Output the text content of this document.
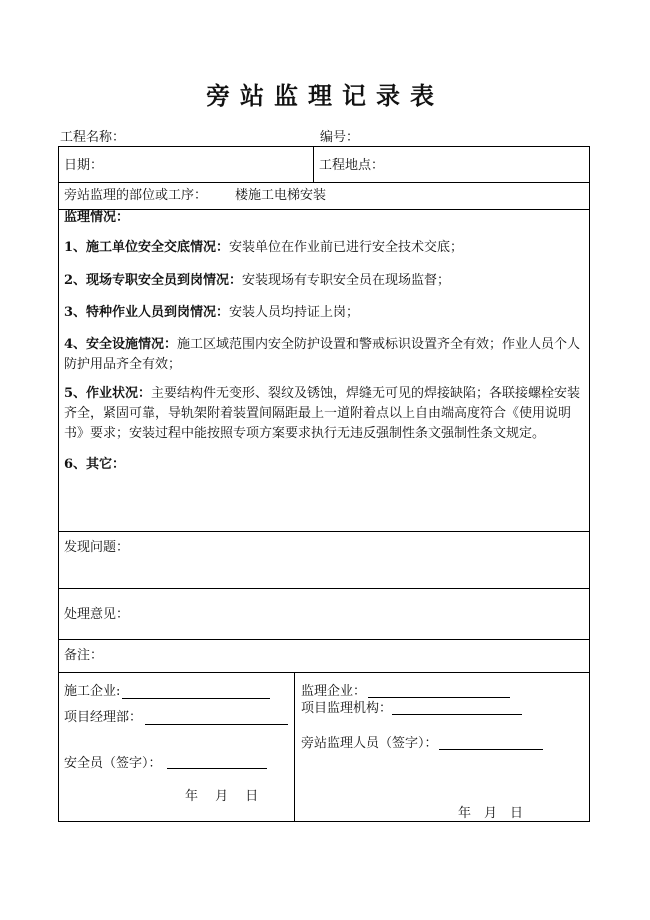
旁站监理记录表
工程名称：	编号：
日期：	工程地点：
旁站监理的部位或工序： 楼施工电梯安装
监理情况：
1、施工单位安全交底情况：安装单位在作业前已进行安全技术交底；
2、现场专职安全员到岗情况：安装现场有专职安全员在现场监督；
3、特种作业人员到岗情况：安装人员均持证上岗；
4、安全设施情况：施工区域范围内安全防护设置和警戒标识设置齐全有效；作业人员个人防护用品齐全有效；
5、作业状况：主要结构件无变形、裂纹及锈蚀，焊缝无可见的焊接缺陷；各联接螺栓安装齐全，紧固可靠，导轨架附着装置间隔距最上一道附着点以上自由端高度符合《使用说明书》要求；安装过程中能按照专项方案要求执行无违反强制性条文强制性条文规定。
6、其它：
发现问题：
处理意见：
备注：
施工企业:
项目经理部：
安全员（签字）：
年　 月　 日
监理企业：
项目监理机构：
旁站监理人员（签字）：
年　月　日
